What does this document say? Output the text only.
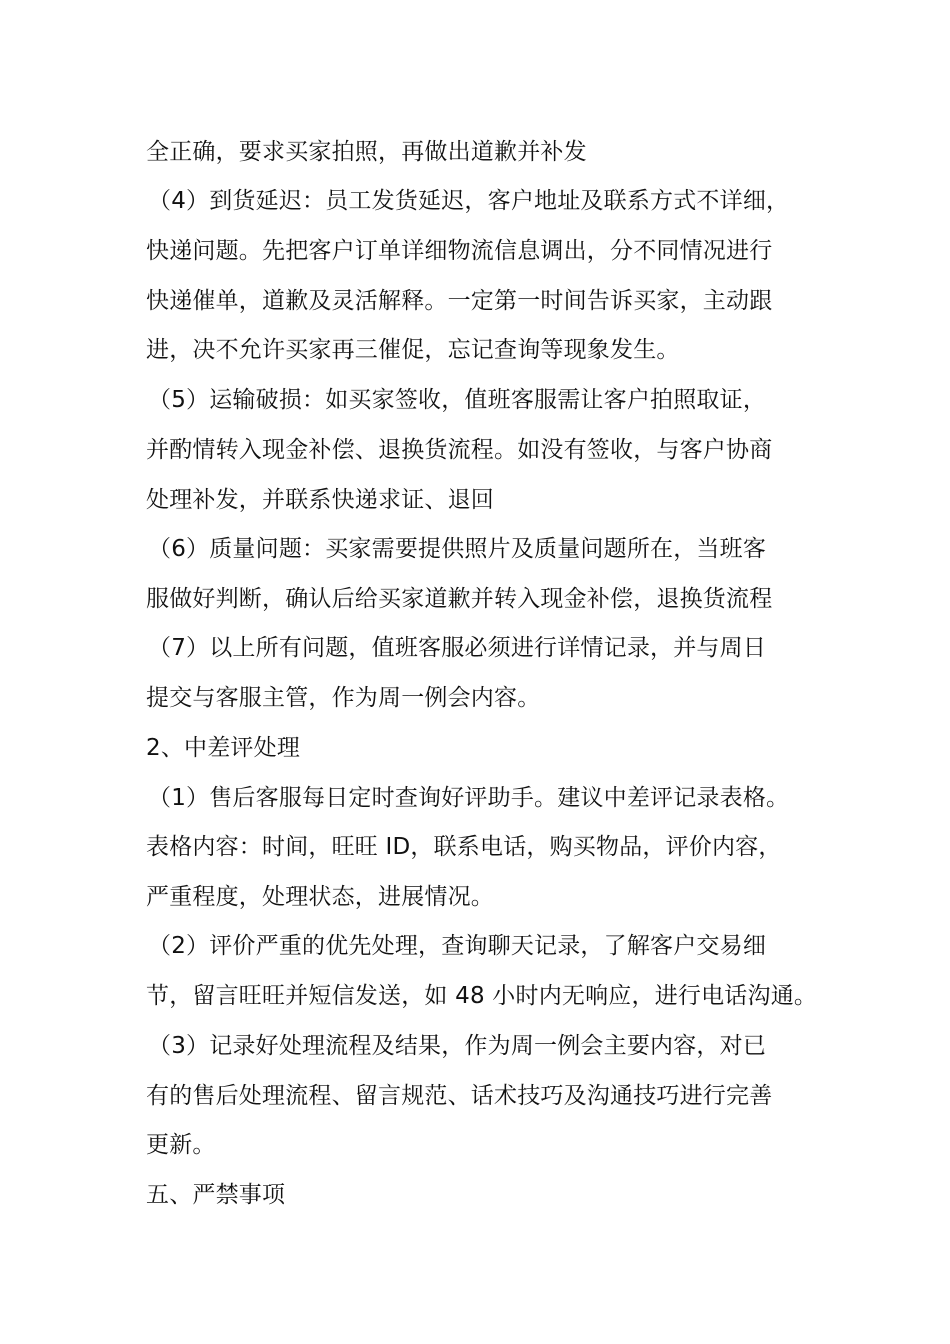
全正确，要求买家拍照，再做出道歉并补发
（4）到货延迟：员工发货延迟，客户地址及联系方式不详细，
快递问题。先把客户订单详细物流信息调出，分不同情况进行
快递催单，道歉及灵活解释。一定第一时间告诉买家，主动跟
进，决不允许买家再三催促，忘记查询等现象发生。
（5）运输破损：如买家签收，值班客服需让客户拍照取证，
并酌情转入现金补偿、退换货流程。如没有签收，与客户协商
处理补发，并联系快递求证、退回
（6）质量问题：买家需要提供照片及质量问题所在，当班客
服做好判断，确认后给买家道歉并转入现金补偿，退换货流程
（7）以上所有问题，值班客服必须进行详情记录，并与周日
提交与客服主管，作为周一例会内容。
2、中差评处理
（1）售后客服每日定时查询好评助手。建议中差评记录表格。
表格内容：时间，旺旺 ID，联系电话，购买物品，评价内容，
严重程度，处理状态，进展情况。
（2）评价严重的优先处理，查询聊天记录，了解客户交易细
节，留言旺旺并短信发送，如 48 小时内无响应，进行电话沟通。
（3）记录好处理流程及结果，作为周一例会主要内容，对已
有的售后处理流程、留言规范、话术技巧及沟通技巧进行完善
更新。
五、严禁事项
